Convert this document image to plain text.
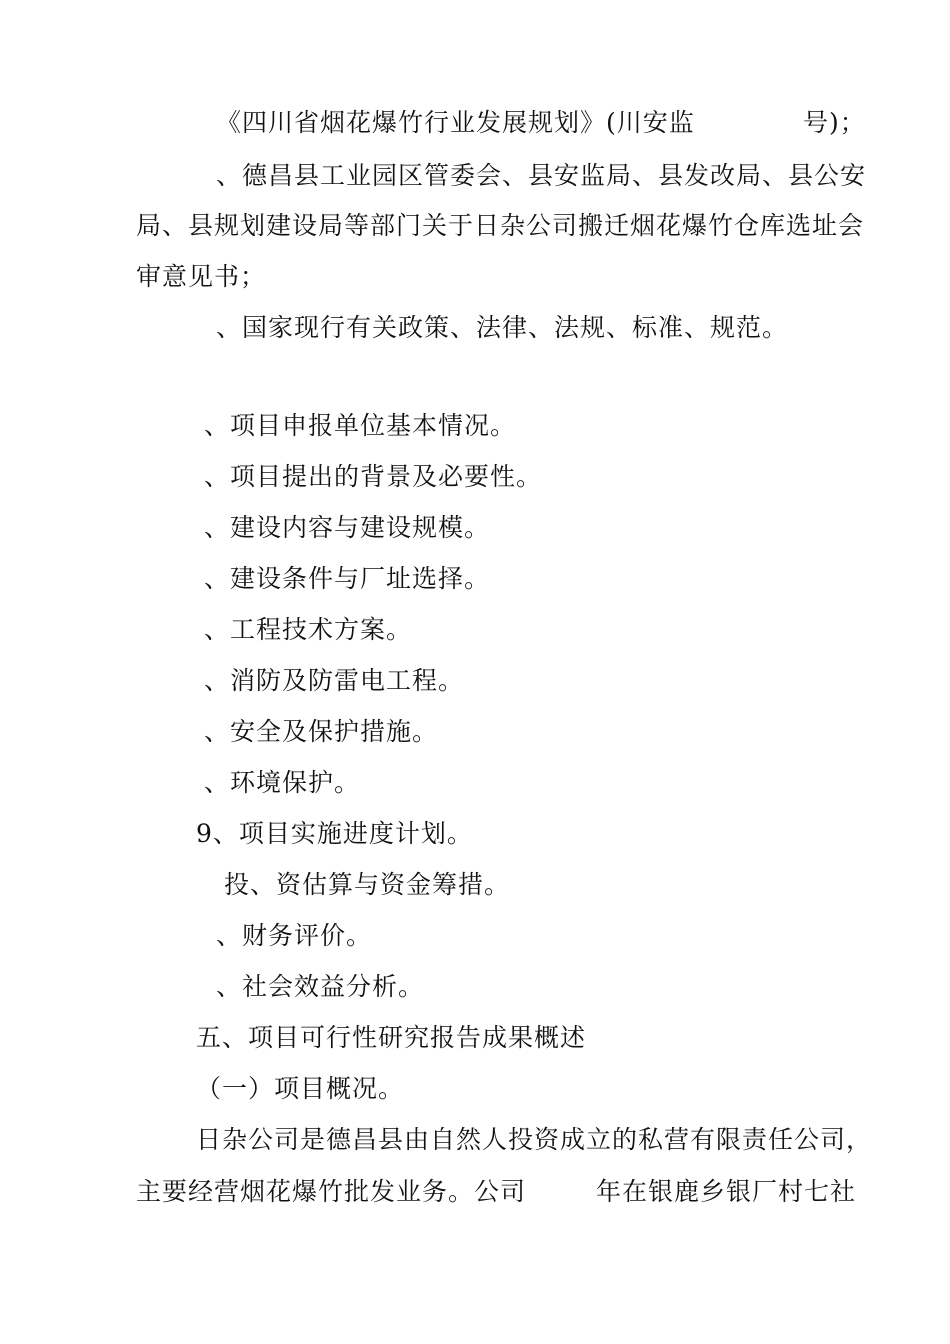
《四川省烟花爆竹行业发展规划》(川安监	号)；
、德昌县工业园区管委会、县安监局、县发改局、县公安
局、县规划建设局等部门关于日杂公司搬迁烟花爆竹仓库选址会
审意见书；
、国家现行有关政策、法律、法规、标准、规范。
、项目申报单位基本情况。
、项目提出的背景及必要性。
、建设内容与建设规模。
、建设条件与厂址选择。
、工程技术方案。
、消防及防雷电工程。
、安全及保护措施。
、环境保护。
9、项目实施进度计划。
投、资估算与资金筹措。
、财务评价。
、社会效益分析。
五、项目可行性研究报告成果概述
（一）项目概况。
日杂公司是德昌县由自然人投资成立的私营有限责任公司，
主要经营烟花爆竹批发业务。公司	年在银鹿乡银厂村七社
